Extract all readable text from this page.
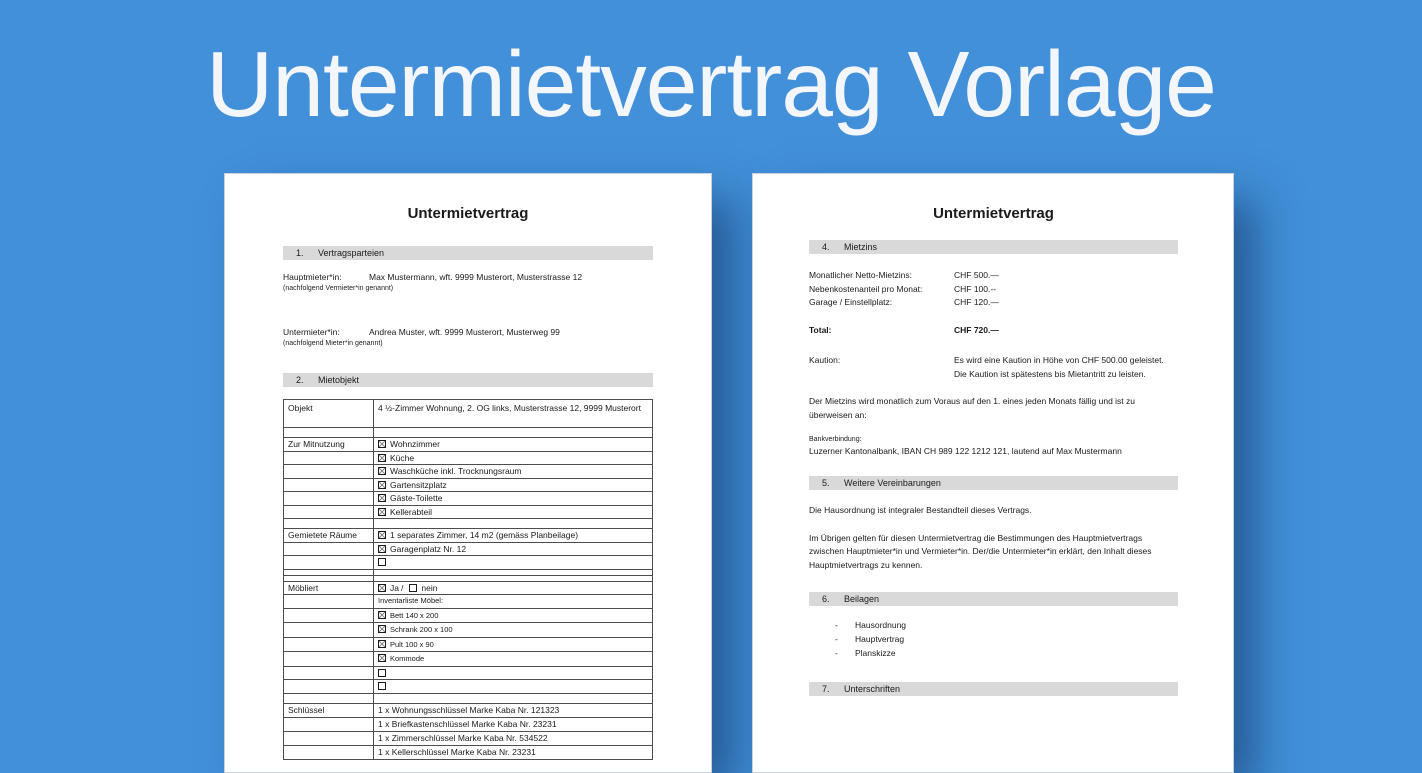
Untermietvertrag Vorlage
Untermietvertrag
1.	Vertragsparteien
Hauptmieter*in:	Max Mustermann, wft. 9999 Musterort, Musterstrasse 12
(nachfolgend Vermieter*in genannt)
Untermieter*in:	Andrea Muster, wft. 9999 Musterort, Musterweg 99
(nachfolgend Mieter*in genannt)
2.	Mietobjekt
Objekt	4 ½-Zimmer Wohnung, 2. OG links, Musterstrasse 12, 9999 Musterort

Zur Mitnutzung	Wohnzimmer
	Küche
	Waschküche inkl. Trocknungsraum
	Gartensitzplatz
	Gäste-Toilette
	Kellerabteil

Gemietete Räume	1 separates Zimmer, 14 m2 (gemäss Planbeilage)
	Garagenplatz Nr. 12

Möbliert	Ja / nein
	Inventarliste Möbel:
	Bett 140 x 200
	Schrank 200 x 100
	Pult 100 x 90
	Kommode

Schlüssel	1 x Wohnungsschlüssel Marke Kaba Nr. 121323
	1 x Briefkastenschlüssel Marke Kaba Nr. 23231
	1 x Zimmerschlüssel Marke Kaba Nr. 534522
	1 x Kellerschlüssel Marke Kaba Nr. 23231
Untermietvertrag
4.	Mietzins
Monatlicher Netto-Mietzins:	CHF 500.—
Nebenkostenanteil pro Monat:	CHF 100.--
Garage / Einstellplatz:	CHF 120.—
Total:	CHF 720.—
Kaution:	Es wird eine Kaution in Höhe von CHF 500.00 geleistet.
Die Kaution ist spätestens bis Mietantritt zu leisten.

Der Mietzins wird monatlich zum Voraus auf den 1. eines jeden Monats fällig und ist zu überweisen an:

Bankverbindung:
Luzerner Kantonalbank, IBAN CH 989 122 1212 121, lautend auf Max Mustermann
5.	Weitere Vereinbarungen

Die Hausordnung ist integraler Bestandteil dieses Vertrags.

Im Übrigen gelten für diesen Untermietvertrag die Bestimmungen des Hauptmietvertrags zwischen Hauptmieter*in und Vermieter*in. Der/die Untermieter*in erklärt, den Inhalt dieses Hauptmietvertrags zu kennen.

6.	Beilagen
- Hausordnung
- Hauptvertrag
- Planskizze
7.	Unterschriften
